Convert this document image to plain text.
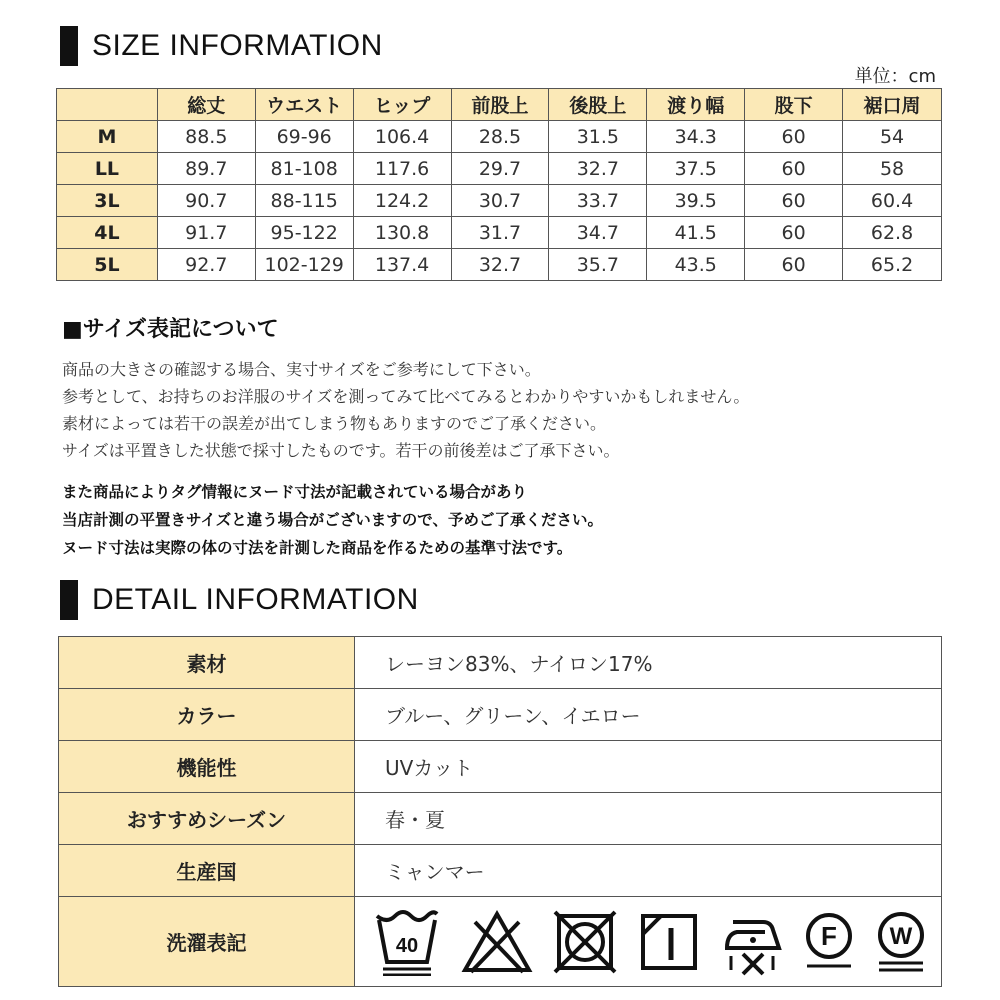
SIZE INFORMATION
単位：cm
	総丈	ウエスト	ヒップ	前股上	後股上	渡り幅	股下	裾口周
M	88.5	69-96	106.4	28.5	31.5	34.3	60	54
LL	89.7	81-108	117.6	29.7	32.7	37.5	60	58
3L	90.7	88-115	124.2	30.7	33.7	39.5	60	60.4
4L	91.7	95-122	130.8	31.7	34.7	41.5	60	62.8
5L	92.7	102-129	137.4	32.7	35.7	43.5	60	65.2
■サイズ表記について
商品の大きさの確認する場合、実寸サイズをご参考にして下さい。
参考として、お持ちのお洋服のサイズを測ってみて比べてみるとわかりやすいかもしれません。
素材によっては若干の誤差が出てしまう物もありますのでご了承ください。
サイズは平置きした状態で採寸したものです。若干の前後差はご了承下さい。
また商品によりタグ情報にヌード寸法が記載されている場合があり
当店計測の平置きサイズと違う場合がございますので、予めご了承ください。
ヌード寸法は実際の体の寸法を計測した商品を作るための基準寸法です。
DETAIL INFORMATION
素材	レーヨン83%、ナイロン17%
カラー	ブルー、グリーン、イエロー
機能性	UVカット
おすすめシーズン	春・夏
生産国	ミャンマー
洗濯表記	40 F W
